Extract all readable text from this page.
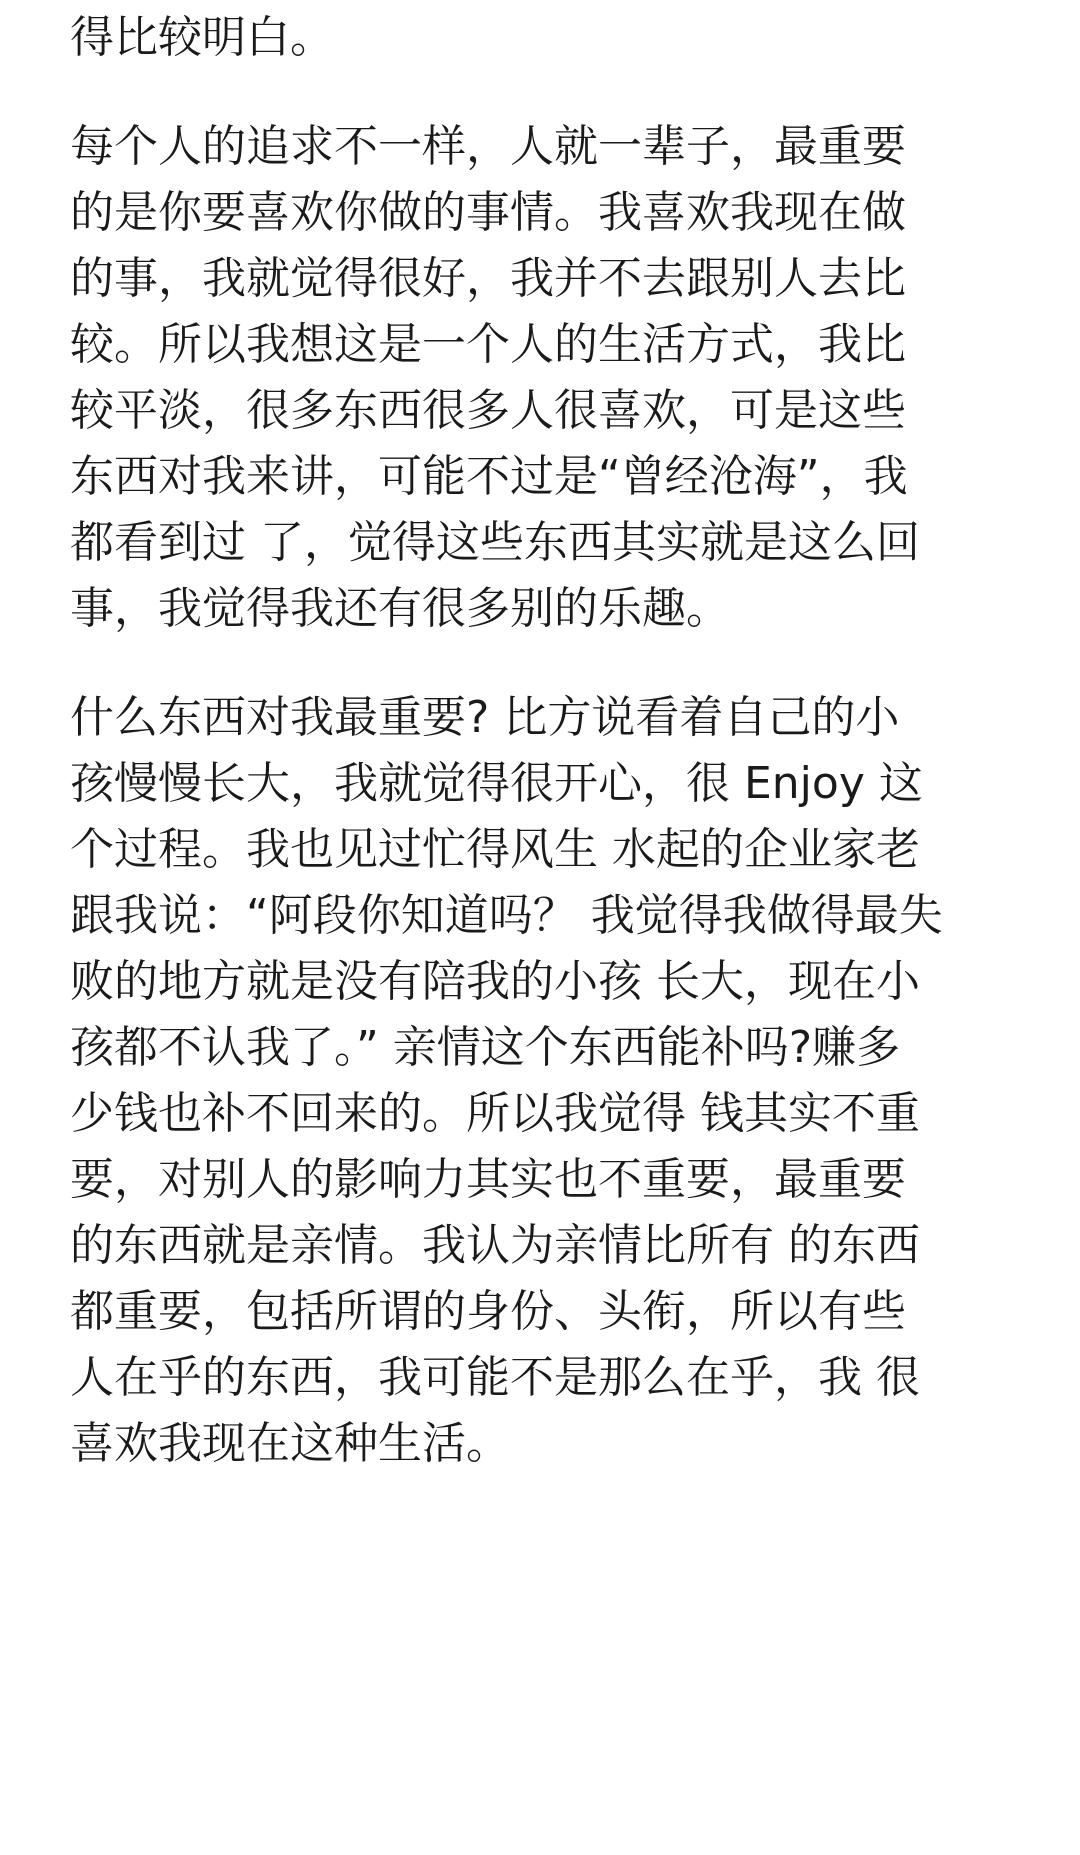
得比较明白。
每个人的追求不一样，人就一辈子，最重要
的是你要喜欢你做的事情。我喜欢我现在做
的事，我就觉得很好，我并不去跟别人去比
较。所以我想这是一个人的生活方式，我比
较平淡，很多东西很多人很喜欢，可是这些
东西对我来讲，可能不过是“曾经沧海”，我
都看到过 了，觉得这些东西其实就是这么回
事，我觉得我还有很多别的乐趣。
什么东西对我最重要? 比方说看着自己的小
孩慢慢长大，我就觉得很开心，很 Enjoy 这
个过程。我也见过忙得风生 水起的企业家老
跟我说：“阿段你知道吗？ 我觉得我做得最失
败的地方就是没有陪我的小孩 长大，现在小
孩都不认我了。” 亲情这个东西能补吗?赚多
少钱也补不回来的。所以我觉得 钱其实不重
要，对别人的影响力其实也不重要，最重要
的东西就是亲情。我认为亲情比所有 的东西
都重要，包括所谓的身份、头衔，所以有些
人在乎的东西，我可能不是那么在乎，我 很
喜欢我现在这种生活。
